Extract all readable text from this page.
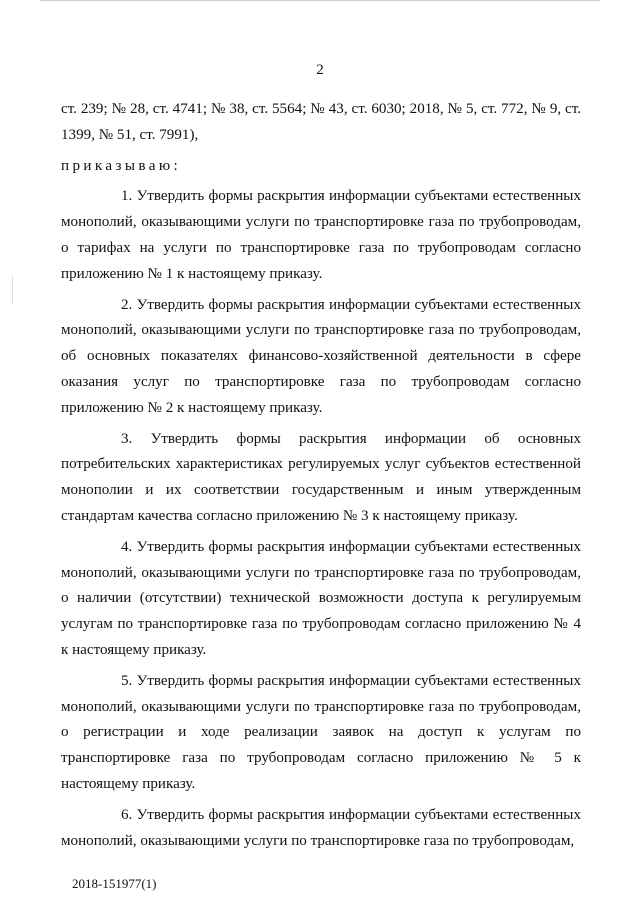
2

ст. 239; № 28, ст. 4741; № 38, ст. 5564; № 43, ст. 6030; 2018, № 5, ст. 772, № 9, ст. 1399, № 51, ст. 7991),

приказываю:

1. Утвердить формы раскрытия информации субъектами естественных монополий, оказывающими услуги по транспортировке газа по трубопроводам, о тарифах на услуги по транспортировке газа по трубопроводам согласно приложению № 1 к настоящему приказу.

2. Утвердить формы раскрытия информации субъектами естественных монополий, оказывающими услуги по транспортировке газа по трубопроводам, об основных показателях финансово-хозяйственной деятельности в сфере оказания услуг по транспортировке газа по трубопроводам согласно приложению № 2 к настоящему приказу.

3. Утвердить формы раскрытия информации об основных потребительских характеристиках регулируемых услуг субъектов естественной монополии и их соответствии государственным и иным утвержденным стандартам качества согласно приложению № 3 к настоящему приказу.

4. Утвердить формы раскрытия информации субъектами естественных монополий, оказывающими услуги по транспортировке газа по трубопроводам, о наличии (отсутствии) технической возможности доступа к регулируемым услугам по транспортировке газа по трубопроводам согласно приложению № 4 к настоящему приказу.

5. Утвердить формы раскрытия информации субъектами естественных монополий, оказывающими услуги по транспортировке газа по трубопроводам, о регистрации и ходе реализации заявок на доступ к услугам по транспортировке газа по трубопроводам согласно приложению № 5 к настоящему приказу.

6. Утвердить формы раскрытия информации субъектами естественных монополий, оказывающими услуги по транспортировке газа по трубопроводам,

2018-151977(1)
